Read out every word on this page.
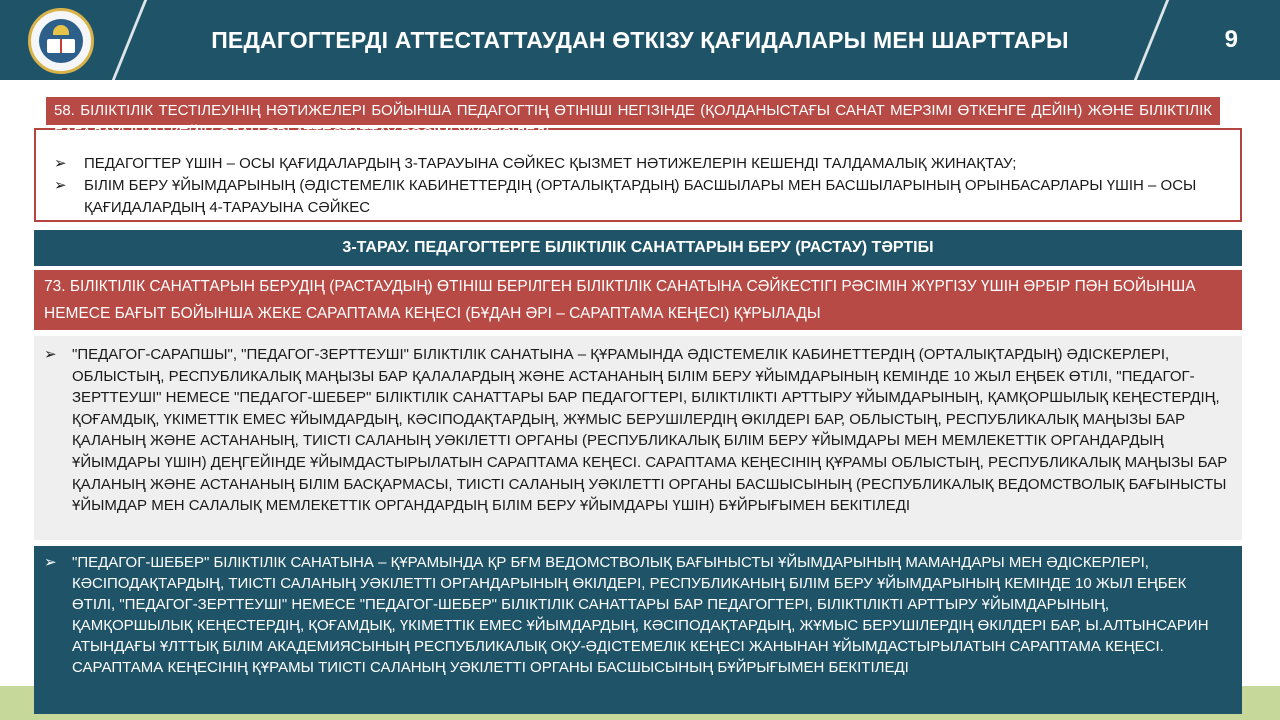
ПЕДАГОГТЕРДІ АТТЕСТАТТАУДАН ӨТКІЗУ ҚАҒИДАЛАРЫ МЕН ШАРТТАРЫ	9
58. БІЛІКТІЛІК ТЕСТІЛЕУІНІҢ НӘТИЖЕЛЕРІ БОЙЫНША ПЕДАГОГТІҢ ӨТІНІШІ НЕГІЗІНДЕ (ҚОЛДАНЫСТАҒЫ САНАТ МЕРЗІМІ ӨТКЕНГЕ ДЕЙІН) ЖӘНЕ БІЛІКТІЛІК БАҒАЛАУЫНАН КЕЙІН ОДАН ӘРІ АТТЕСТАТТАУ РӘСІМІ ЖҮРГІЗІЛЕДІ:
➢	ПЕДАГОГТЕР ҮШІН – ОСЫ ҚАҒИДАЛАРДЫҢ 3-ТАРАУЫНА СӘЙКЕС ҚЫЗМЕТ НӘТИЖЕЛЕРІН КЕШЕНДІ ТАЛДАМАЛЫҚ ЖИНАҚТАУ;
➢	БІЛІМ БЕРУ ҰЙЫМДАРЫНЫҢ (ӘДІСТЕМЕЛІК КАБИНЕТТЕРДІҢ (ОРТАЛЫҚТАРДЫҢ) БАСШЫЛАРЫ МЕН БАСШЫЛАРЫНЫҢ ОРЫНБАСАРЛАРЫ ҮШІН – ОСЫ ҚАҒИДАЛАРДЫҢ 4-ТАРАУЫНА СӘЙКЕС
3-ТАРАУ. ПЕДАГОГТЕРГЕ БІЛІКТІЛІК САНАТТАРЫН БЕРУ (РАСТАУ) ТӘРТІБІ
73. БІЛІКТІЛІК САНАТТАРЫН БЕРУДІҢ (РАСТАУДЫҢ) ӨТІНІШ БЕРІЛГЕН БІЛІКТІЛІК САНАТЫНА СӘЙКЕСТІГІ РӘСІМІН ЖҮРГІЗУ ҮШІН ӘРБІР ПӘН БОЙЫНША НЕМЕСЕ БАҒЫТ БОЙЫНША ЖЕКЕ САРАПТАМА КЕҢЕСІ (БҰДАН ӘРІ – САРАПТАМА КЕҢЕСІ) ҚҰРЫЛАДЫ
➢	"ПЕДАГОГ-САРАПШЫ", "ПЕДАГОГ-ЗЕРТТЕУШІ" БІЛІКТІЛІК САНАТЫНА – ҚҰРАМЫНДА ӘДІСТЕМЕЛІК КАБИНЕТТЕРДІҢ (ОРТАЛЫҚТАРДЫҢ) ӘДІСКЕРЛЕРІ, ОБЛЫСТЫҢ, РЕСПУБЛИКАЛЫҚ МАҢЫЗЫ БАР ҚАЛАЛАРДЫҢ ЖӘНЕ АСТАНАНЫҢ БІЛІМ БЕРУ ҰЙЫМДАРЫНЫҢ КЕМІНДЕ 10 ЖЫЛ ЕҢБЕК ӨТІЛІ, "ПЕДАГОГ-ЗЕРТТЕУШІ" НЕМЕСЕ "ПЕДАГОГ-ШЕБЕР" БІЛІКТІЛІК САНАТТАРЫ БАР ПЕДАГОГТЕРІ, БІЛІКТІЛІКТІ АРТТЫРУ ҰЙЫМДАРЫНЫҢ, ҚАМҚОРШЫЛЫҚ КЕҢЕСТЕРДІҢ, ҚОҒАМДЫҚ, ҮКІМЕТТІК ЕМЕС ҰЙЫМДАРДЫҢ, КӘСІПОДАҚТАРДЫҢ, ЖҰМЫС БЕРУШІЛЕРДІҢ ӨКІЛДЕРІ БАР, ОБЛЫСТЫҢ, РЕСПУБЛИКАЛЫҚ МАҢЫЗЫ БАР ҚАЛАНЫҢ ЖӘНЕ АСТАНАНЫҢ, ТИІСТІ САЛАНЫҢ УӘКІЛЕТТІ ОРГАНЫ (РЕСПУБЛИКАЛЫҚ БІЛІМ БЕРУ ҰЙЫМДАРЫ МЕН МЕМЛЕКЕТТІК ОРГАНДАРДЫҢ ҰЙЫМДАРЫ ҮШІН) ДЕҢГЕЙІНДЕ ҰЙЫМДАСТЫРЫЛАТЫН САРАПТАМА КЕҢЕСІ. САРАПТАМА КЕҢЕСІНІҢ ҚҰРАМЫ ОБЛЫСТЫҢ, РЕСПУБЛИКАЛЫҚ МАҢЫЗЫ БАР ҚАЛАНЫҢ ЖӘНЕ АСТАНАНЫҢ БІЛІМ БАСҚАРМАСЫ, ТИІСТІ САЛАНЫҢ УӘКІЛЕТТІ ОРГАНЫ БАСШЫСЫНЫҢ (РЕСПУБЛИКАЛЫҚ ВЕДОМСТВОЛЫҚ БАҒЫНЫСТЫ ҰЙЫМДАР МЕН САЛАЛЫҚ МЕМЛЕКЕТТІК ОРГАНДАРДЫҢ БІЛІМ БЕРУ ҰЙЫМДАРЫ ҮШІН) БҰЙРЫҒЫМЕН БЕКІТІЛЕДІ
➢	"ПЕДАГОГ-ШЕБЕР" БІЛІКТІЛІК САНАТЫНА – ҚҰРАМЫНДА ҚР БҒМ ВЕДОМСТВОЛЫҚ БАҒЫНЫСТЫ ҰЙЫМДАРЫНЫҢ МАМАНДАРЫ МЕН ӘДІСКЕРЛЕРІ, КӘСІПОДАҚТАРДЫҢ, ТИІСТІ САЛАНЫҢ УӘКІЛЕТТІ ОРГАНДАРЫНЫҢ ӨКІЛДЕРІ, РЕСПУБЛИКАНЫҢ БІЛІМ БЕРУ ҰЙЫМДАРЫНЫҢ КЕМІНДЕ 10 ЖЫЛ ЕҢБЕК ӨТІЛІ, "ПЕДАГОГ-ЗЕРТТЕУШІ" НЕМЕСЕ "ПЕДАГОГ-ШЕБЕР" БІЛІКТІЛІК САНАТТАРЫ БАР ПЕДАГОГТЕРІ, БІЛІКТІЛІКТІ АРТТЫРУ ҰЙЫМДАРЫНЫҢ, ҚАМҚОРШЫЛЫҚ КЕҢЕСТЕРДІҢ, ҚОҒАМДЫҚ, ҮКІМЕТТІК ЕМЕС ҰЙЫМДАРДЫҢ, КӘСІПОДАҚТАРДЫҢ, ЖҰМЫС БЕРУШІЛЕРДІҢ ӨКІЛДЕРІ БАР, Ы.АЛТЫНСАРИН АТЫНДАҒЫ ҰЛТТЫҚ БІЛІМ АКАДЕМИЯСЫНЫҢ РЕСПУБЛИКАЛЫҚ ОҚУ-ӘДІСТЕМЕЛІК КЕҢЕСІ ЖАНЫНАН ҰЙЫМДАСТЫРЫЛАТЫН САРАПТАМА КЕҢЕСІ. САРАПТАМА КЕҢЕСІНІҢ ҚҰРАМЫ ТИІСТІ САЛАНЫҢ УӘКІЛЕТТІ ОРГАНЫ БАСШЫСЫНЫҢ БҰЙРЫҒЫМЕН БЕКІТІЛЕДІ
